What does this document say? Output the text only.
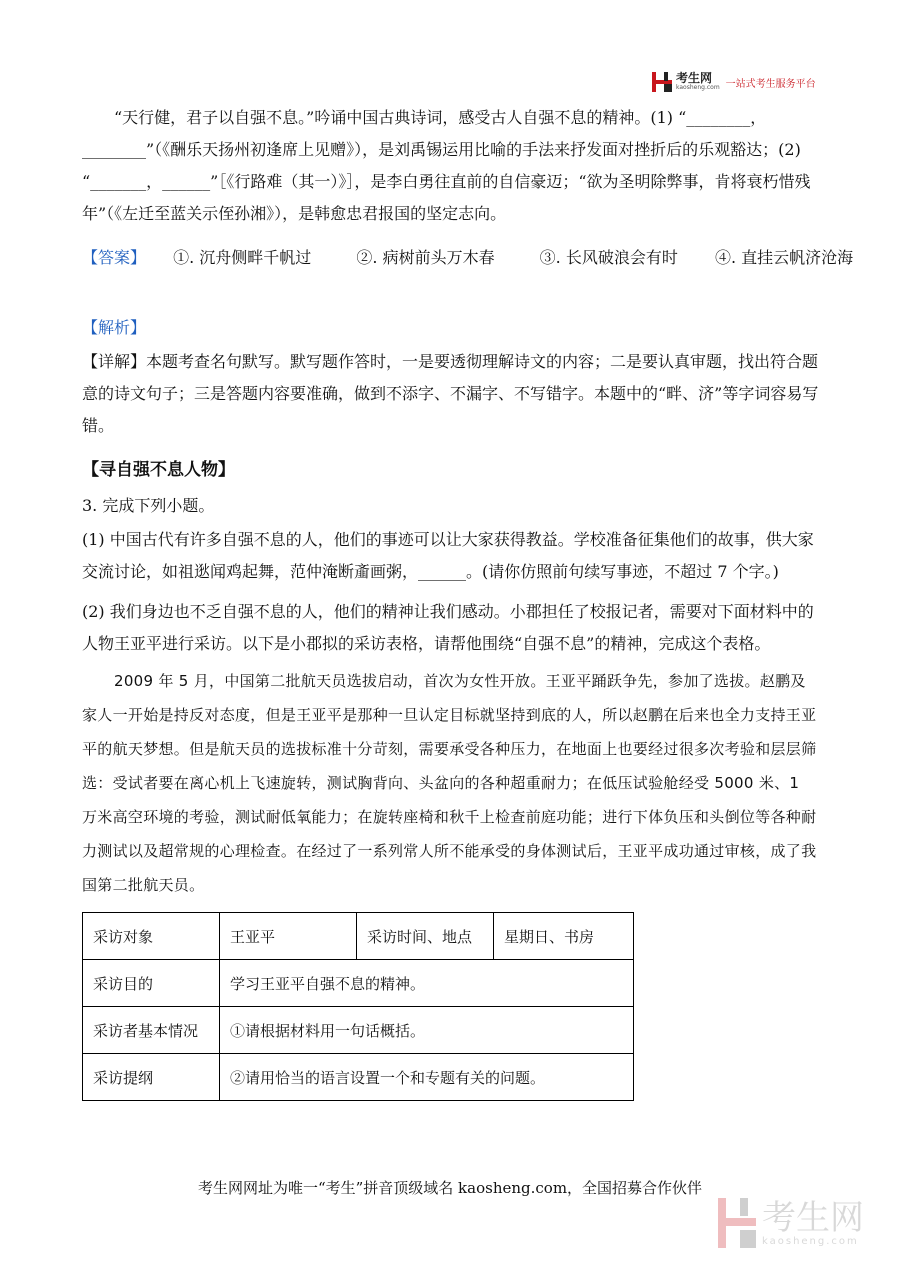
考生网
kaosheng.com 一站式考生服务平台

“天行健，君子以自强不息。”吟诵中国古典诗词，感受古人自强不息的精神。(1) “________，________”（《酬乐天扬州初逢席上见赠》），是刘禹锡运用比喻的手法来抒发面对挫折后的乐观豁达；(2) “_______，______”［《行路难（其一）》］，是李白勇往直前的自信豪迈；“欲为圣明除弊事，肯将衰朽惜残年”（《左迁至蓝关示侄孙湘》），是韩愈忠君报国的坚定志向。

【答案】 ①. 沉舟侧畔千帆过	②. 病树前头万木春	③. 长风破浪会有时 ④. 直挂云帆济沧海
【解析】

【详解】本题考查名句默写。默写题作答时，一是要透彻理解诗文的内容；二是要认真审题，找出符合题意的诗文句子；三是答题内容要准确，做到不添字、不漏字、不写错字。本题中的“畔、济”等字词容易写错。

【寻自强不息人物】
3. 完成下列小题。

(1) 中国古代有许多自强不息的人，他们的事迹可以让大家获得教益。学校准备征集他们的故事，供大家交流讨论，如祖逖闻鸡起舞，范仲淹断齑画粥，______。(请你仿照前句续写事迹，不超过 7 个字。)

(2) 我们身边也不乏自强不息的人，他们的精神让我们感动。小郡担任了校报记者，需要对下面材料中的人物王亚平进行采访。以下是小郡拟的采访表格，请帮他围绕“自强不息”的精神，完成这个表格。

2009 年 5 月，中国第二批航天员选拔启动，首次为女性开放。王亚平踊跃争先，参加了选拔。赵鹏及家人一开始是持反对态度，但是王亚平是那种一旦认定目标就坚持到底的人，所以赵鹏在后来也全力支持王亚平的航天梦想。但是航天员的选拔标准十分苛刻，需要承受各种压力，在地面上也要经过很多次考验和层层筛选：受试者要在离心机上飞速旋转，测试胸背向、头盆向的各种超重耐力；在低压试验舱经受 5000 米、1 万米高空环境的考验，测试耐低氧能力；在旋转座椅和秋千上检查前庭功能；进行下体负压和头倒位等各种耐力测试以及超常规的心理检查。在经过了一系列常人所不能承受的身体测试后，王亚平成功通过审核，成了我国第二批航天员。

采访对象	王亚平	采访时间、地点	星期日、书房
采访目的	学习王亚平自强不息的精神。		
采访者基本情况	①请根据材料用一句话概括。		
采访提纲	②请用恰当的语言设置一个和专题有关的问题。		
考生网网址为唯一“考生”拼音顶级域名 kaosheng.com，全国招募合作伙伴
考生网
kaosheng.com
